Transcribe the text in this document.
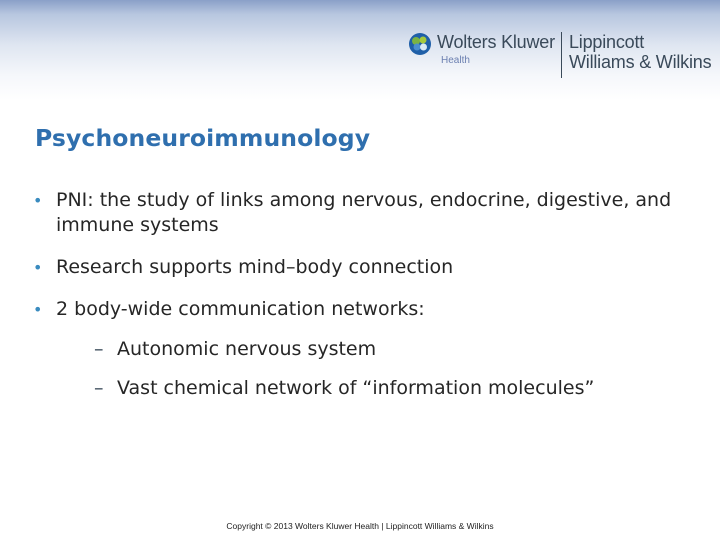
Wolters Kluwer
Health
Lippincott
Williams & Wilkins
Psychoneuroimmunology
• PNI: the study of links among nervous, endocrine, digestive, and immune systems
• Research supports mind–body connection
• 2 body-wide communication networks:
– Autonomic nervous system
– Vast chemical network of “information molecules”
Copyright © 2013 Wolters Kluwer Health | Lippincott Williams & Wilkins
